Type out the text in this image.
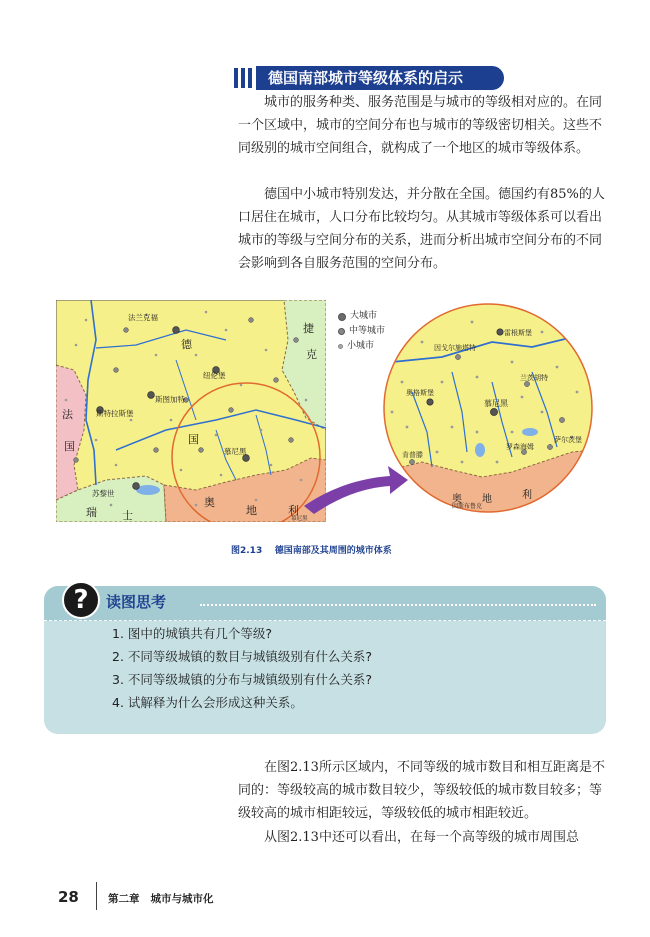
德国南部城市等级体系的启示

城市的服务种类、服务范围是与城市的等级相对应的。在同一个区域中，城市的空间分布也与城市的等级密切相关。这些不同级别的城市空间组合，就构成了一个地区的城市等级体系。

德国中小城市特别发达，并分散在全国。德国约有85%的人口居住在城市，人口分布比较均匀。从其城市等级体系可以看出城市的等级与空间分布的关系，进而分析出城市空间分布的不同会影响到各自服务范围的空间分布。

法兰克福
德
国
捷
克
纽伦堡
斯特拉斯堡
斯图加特
法
国	慕尼黑
苏黎世
瑞 士
奥
地	利
慕尼黑
大城市
中等城市
小城市
雷根斯堡
因戈尔施塔特
兰茨胡特
奥格斯堡
慕尼黑
罗森海姆
萨尔茨堡
肯普滕
奥 地	利
因斯布鲁克
图2.13    德国南部及其周围的城市体系
?	读图思考
1. 图中的城镇共有几个等级?
2. 不同等级城镇的数目与城镇级别有什么关系?
3. 不同等级城镇的分布与城镇级别有什么关系?
4. 试解释为什么会形成这种关系。

在图2.13所示区域内，不同等级的城市数目和相互距离是不同的：等级较高的城市数目较少，等级较低的城市数目较多；等级较高的城市相距较远，等级较低的城市相距较近。

从图2.13中还可以看出，在每一个高等级的城市周围总

28	第二章   城市与城市化
